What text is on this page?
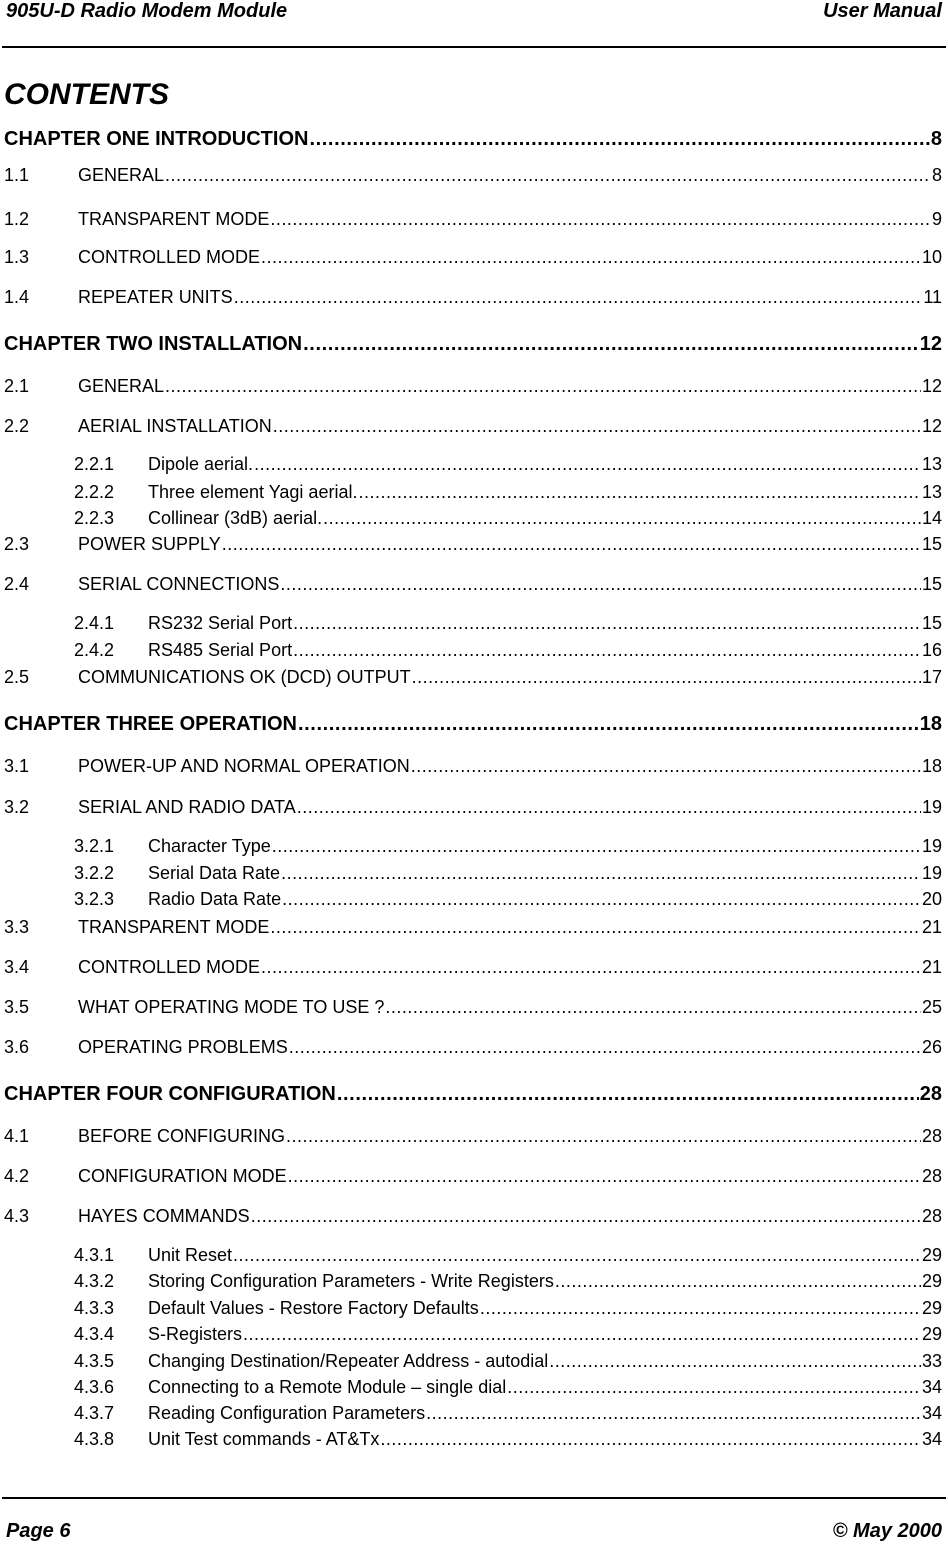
905U-D Radio Modem Module	User Manual
CONTENTS
CHAPTER ONE INTRODUCTION .....	8
1.1	GENERAL .....	8
1.2	TRANSPARENT MODE .....	9
1.3	CONTROLLED MODE .....	10
1.4	REPEATER UNITS .....	11
CHAPTER TWO INSTALLATION .....	12
2.1	GENERAL .....	12
2.2	AERIAL INSTALLATION .....	12
2.2.1	Dipole aerial. .....	13
2.2.2	Three element Yagi aerial. .....	13
2.2.3	Collinear (3dB) aerial. .....	14
2.3	POWER SUPPLY .....	15
2.4	SERIAL CONNECTIONS .....	15
2.4.1	RS232 Serial Port .....	15
2.4.2	RS485 Serial Port .....	16
2.5	COMMUNICATIONS OK (DCD) OUTPUT .....	17
CHAPTER THREE OPERATION .....	18
3.1	POWER-UP AND NORMAL OPERATION .....	18
3.2	SERIAL AND RADIO DATA .....	19
3.2.1	Character Type .....	19
3.2.2	Serial Data Rate .....	19
3.2.3	Radio Data Rate .....	20
3.3	TRANSPARENT MODE .....	21
3.4	CONTROLLED MODE .....	21
3.5	WHAT OPERATING MODE TO USE ? .....	25
3.6	OPERATING PROBLEMS .....	26
CHAPTER FOUR CONFIGURATION .....	28
4.1	BEFORE CONFIGURING .....	28
4.2	CONFIGURATION MODE .....	28
4.3	HAYES COMMANDS .....	28
4.3.1	Unit Reset .....	29
4.3.2	Storing Configuration Parameters - Write Registers .....	29
4.3.3	Default Values - Restore Factory Defaults .....	29
4.3.4	S-Registers .....	29
4.3.5	Changing Destination/Repeater Address - autodial .....	33
4.3.6	Connecting to a Remote Module – single dial .....	34
4.3.7	Reading Configuration Parameters .....	34
4.3.8	Unit Test commands - AT&Tx .....	34
Page 6	© May 2000
